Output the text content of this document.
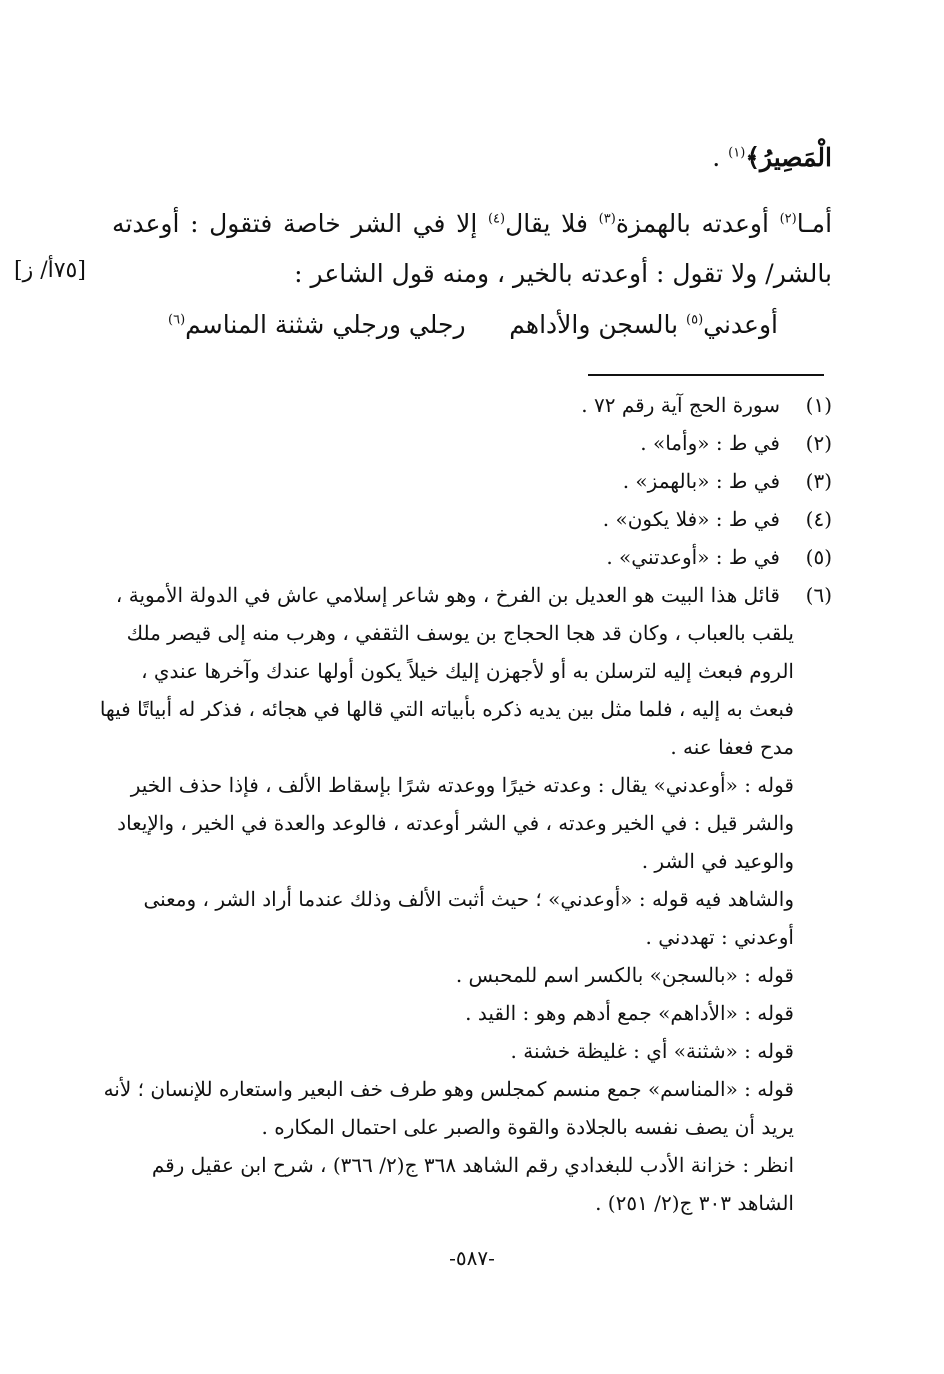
الْمَصِيرُ﴾$^{(١)}$ .
أمـا$^{(٢)}$ أوعدته بالهمزة$^{(٣)}$ فلا يقال$^{(٤)}$ إلا في الشر خاصة فتقول : أوعدته
بالشر/ ولا تقول : أوعدته بالخير ، ومنه قول الشاعر :
[٧٥أ/ ز]
أوعدني$^{(٥)}$ بالسجن والأداهم
رجلي ورجلي شثنة المناسم$^{(٦)}$
(١)سورة الحج آية رقم ٧٢ .
(٢)في ط : «وأما» .
(٣)في ط : «بالهمز» .
(٤)في ط : «فلا يكون» .
(٥)في ط : «أوعدتني» .
(٦)قائل هذا البيت هو العديل بن الفرخ ، وهو شاعر إسلامي عاش في الدولة الأموية ،
يلقب بالعباب ، وكان قد هجا الحجاج بن يوسف الثقفي ، وهرب منه إلى قيصر ملك
الروم فبعث إليه لترسلن به أو لأجهزن إليك خيلاً يكون أولها عندك وآخرها عندي ،
فبعث به إليه ، فلما مثل بين يديه ذكره بأبياته التي قالها في هجائه ، فذكر له أبياتًا فيها
مدح فعفا عنه .
قوله : «أوعدني» يقال : وعدته خيرًا ووعدته شرًا بإسقاط الألف ، فإذا حذف الخير
والشر قيل : في الخير وعدته ، في الشر أوعدته ، فالوعد والعدة في الخير ، والإيعاد
والوعيد في الشر .
والشاهد فيه قوله : «أوعدني» ؛ حيث أثبت الألف وذلك عندما أراد الشر ، ومعنى
أوعدني : تهددني .
قوله : «بالسجن» بالكسر اسم للمحبس .
قوله : «الأداهم» جمع أدهم وهو : القيد .
قوله : «شثنة» أي : غليظة خشنة .
قوله : «المناسم» جمع منسم كمجلس وهو طرف خف البعير واستعاره للإنسان ؛ لأنه
يريد أن يصف نفسه بالجلادة والقوة والصبر على احتمال المكاره .
انظر : خزانة الأدب للبغدادي رقم الشاهد ٣٦٨ ج(٢/ ٣٦٦) ، شرح ابن عقيل رقم
الشاهد ٣٠٣ ج(٢/ ٢٥١) .
-٥٨٧-
